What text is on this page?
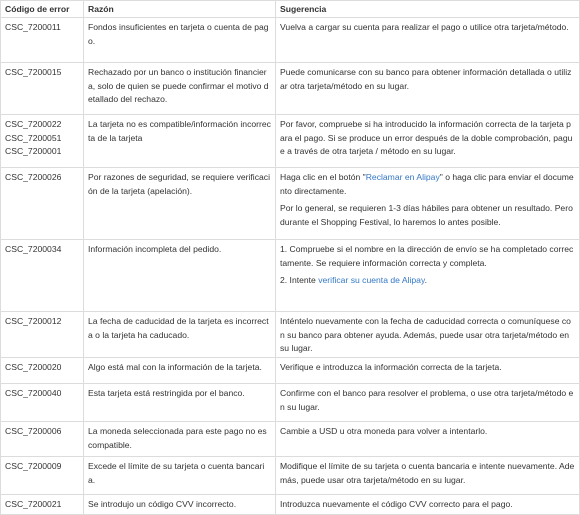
Código de error	Razón	Sugerencia

CSC_7200011	Fondos insuficientes en tarjeta o cuenta de pago.	Vuelva a cargar su cuenta para realizar el pago o utilice otra tarjeta/método.

CSC_7200015	Rechazado por un banco o institución financiera, solo de quien se puede confirmar el motivo detallado del rechazo.	Puede comunicarse con su banco para obtener información detallada o utilizar otra tarjeta/método en su lugar.

CSC_7200022
CSC_7200051
CSC_7200001	La tarjeta no es compatible/información incorrecta de la tarjeta	Por favor, compruebe si ha introducido la información correcta de la tarjeta para el pago. Si se produce un error después de la doble comprobación, pague a través de otra tarjeta / método en su lugar.

CSC_7200026	Por razones de seguridad, se requiere verificación de la tarjeta (apelación).	Haga clic en el botón "Reclamar en Alipay" o haga clic para enviar el documento directamente.
Por lo general, se requieren 1-3 días hábiles para obtener un resultado. Pero durante el Shopping Festival, lo haremos lo antes posible.

CSC_7200034	Información incompleta del pedido.	1. Compruebe si el nombre en la dirección de envío se ha completado correctamente. Se requiere información correcta y completa.
2. Intente verificar su cuenta de Alipay.

CSC_7200012	La fecha de caducidad de la tarjeta es incorrecta o la tarjeta ha caducado.	Inténtelo nuevamente con la fecha de caducidad correcta o comuníquese con su banco para obtener ayuda. Además, puede usar otra tarjeta/método en su lugar.

CSC_7200020	Algo está mal con la información de la tarjeta.	Verifique e introduzca la información correcta de la tarjeta.

CSC_7200040	Esta tarjeta está restringida por el banco.	Confirme con el banco para resolver el problema, o use otra tarjeta/método en su lugar.

CSC_7200006	La moneda seleccionada para este pago no es compatible.	Cambie a USD u otra moneda para volver a intentarlo.

CSC_7200009	Excede el límite de su tarjeta o cuenta bancaria.	Modifique el límite de su tarjeta o cuenta bancaria e intente nuevamente. Además, puede usar otra tarjeta/método en su lugar.

CSC_7200021	Se introdujo un código CVV incorrecto.	Introduzca nuevamente el código CVV correcto para el pago.
